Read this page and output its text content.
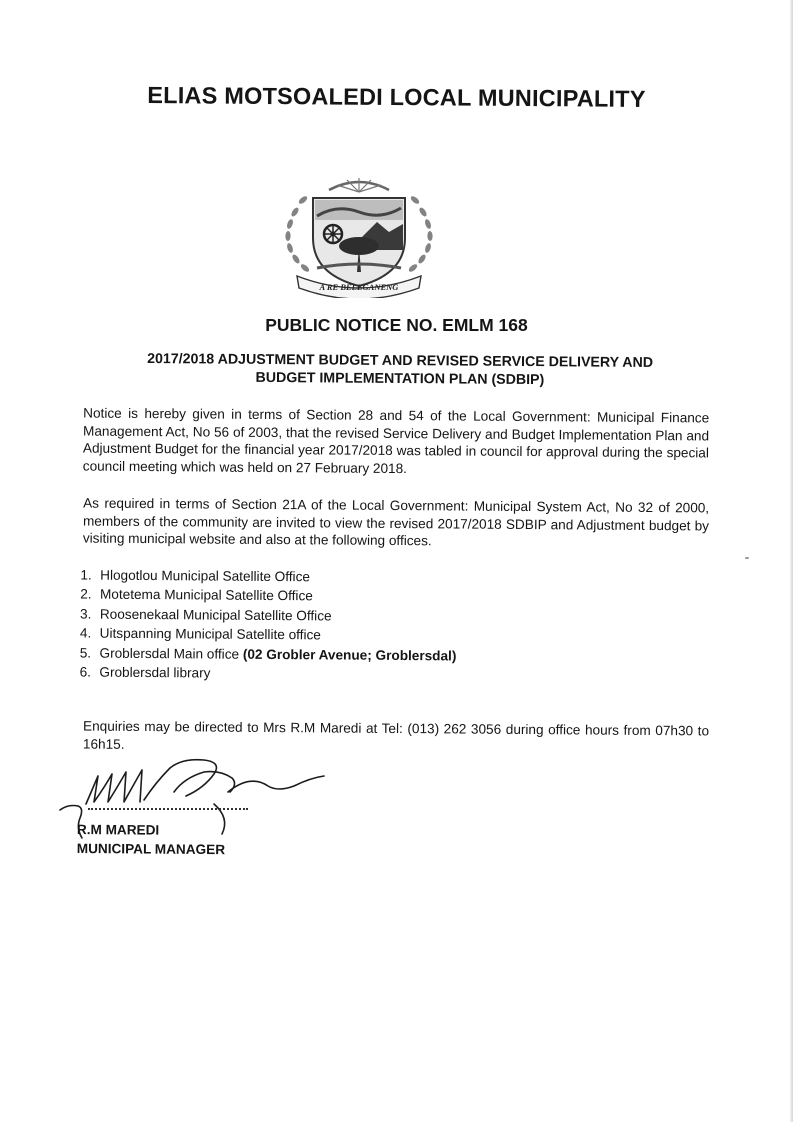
ELIAS MOTSOALEDI LOCAL MUNICIPALITY
A RE BELEGANENG
PUBLIC NOTICE NO. EMLM 168
2017/2018 ADJUSTMENT BUDGET AND REVISED SERVICE DELIVERY AND
BUDGET IMPLEMENTATION PLAN (SDBIP)
Notice is hereby given in terms of Section 28 and 54 of the Local Government: Municipal Finance Management Act, No 56 of 2003, that the revised Service Delivery and Budget Implementation Plan and Adjustment Budget for the financial year 2017/2018 was tabled in council for approval during the special council meeting which was held on 27 February 2018.
As required in terms of Section 21A of the Local Government: Municipal System Act, No 32 of 2000, members of the community are invited to view the revised 2017/2018 SDBIP and Adjustment budget by visiting municipal website and also at the following offices.
1. Hlogotlou Municipal Satellite Office
2. Motetema Municipal Satellite Office
3. Roosenekaal Municipal Satellite Office
4. Uitspanning Municipal Satellite office
5. Groblersdal Main office (02 Grobler Avenue; Groblersdal)
6. Groblersdal library
Enquiries may be directed to Mrs R.M Maredi at Tel: (013) 262 3056 during office hours from 07h30 to 16h15.
R.M MAREDI
MUNICIPAL MANAGER
